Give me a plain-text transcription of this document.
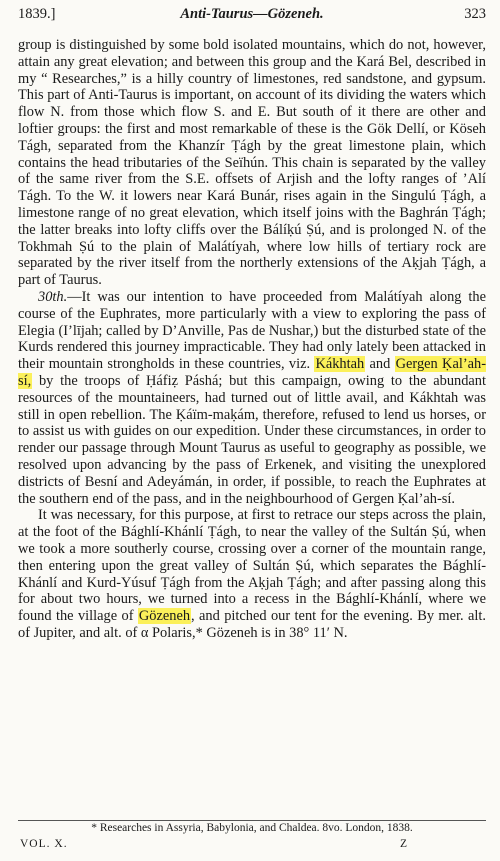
1839.]	Anti-Taurus—Gözeneh.	323

group is distinguished by some bold isolated mountains, which do not, however, attain any great elevation; and between this group and the Kará Bel, described in my “ Researches,” is a hilly country of limestones, red sandstone, and gypsum. This part of Anti-Taurus is important, on account of its dividing the waters which flow N. from those which flow S. and E. But south of it there are other and loftier groups: the first and most remarkable of these is the Gök Dellí, or Köseh Tágh, separated from the Khanzír Ṭágh by the great limestone plain, which contains the head tributaries of the Seïhún. This chain is separated by the valley of the same river from the S.E. offsets of Arjish and the lofty ranges of ’Alí Tágh. To the W. it lowers near Kará Bunár, rises again in the Singulú Ṭágh, a limestone range of no great elevation, which itself joins with the Baghrán Ṭágh; the latter breaks into lofty cliffs over the Bálíḳú Ṣú, and is prolonged N. of the Tokhmah Ṣú to the plain of Malátíyah, where low hills of tertiary rock are separated by the river itself from the northerly extensions of the Aḳjah Ṭágh, a part of Taurus.

30th.—It was our intention to have proceeded from Malátíyah along the course of the Euphrates, more particularly with a view to exploring the pass of Elegia (I’lījah; called by D’Anville, Pas de Nushar,) but the disturbed state of the Kurds rendered this journey impracticable. They had only lately been attacked in their mountain strongholds in these countries, viz. Kákhtah and Gergen Ḳal’ah-sí, by the troops of Ḥáfiẓ Páshá; but this campaign, owing to the abundant resources of the mountaineers, had turned out of little avail, and Kákhtah was still in open rebellion. The Ḳáïm-maḳám, therefore, refused to lend us horses, or to assist us with guides on our expedition. Under these circumstances, in order to render our passage through Mount Taurus as useful to geography as possible, we resolved upon advancing by the pass of Erkenek, and visiting the unexplored districts of Besní and Adeyámán, in order, if possible, to reach the Euphrates at the southern end of the pass, and in the neighbourhood of Gergen Ḳal’ah-sí.

It was necessary, for this purpose, at first to retrace our steps across the plain, at the foot of the Bághlí-Khánlí Ṭágh, to near the valley of the Sultán Ṣú, when we took a more southerly course, crossing over a corner of the mountain range, then entering upon the great valley of Sultán Ṣú, which separates the Bághlí-Khánlí and Kurd-Yúsuf Ṭágh from the Aḳjah Ṭágh; and after passing along this for about two hours, we turned into a recess in the Bághlí-Khánlí, where we found the village of Gözeneh, and pitched our tent for the evening. By mer. alt. of Jupiter, and alt. of α Polaris,* Gözeneh is in 38° 11′ N.

* Researches in Assyria, Babylonia, and Chaldea. 8vo. London, 1838.
VOL. X.	Z
